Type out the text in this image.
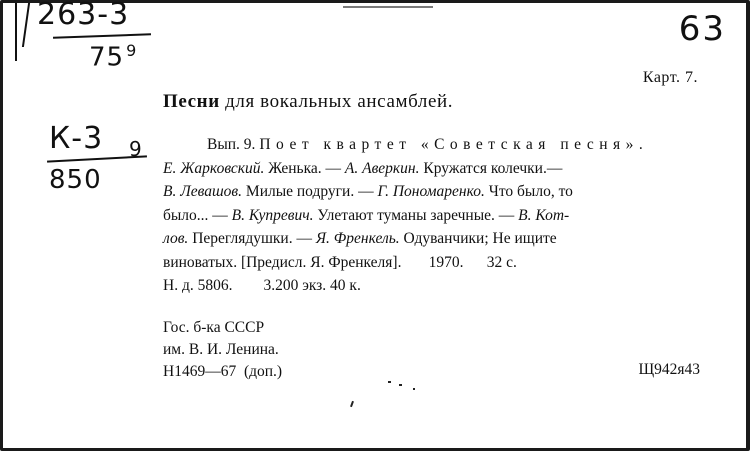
263-3
75 $^9$
63
К-3 9
850
Карт. 7.
Песни для вокальных ансамблей.
Вып. 9. Поет квартет «Советская песня».
Е. Жарковский. Женька. — А. Аверкин. Кружатся колечки.—
В. Левашов. Милые подруги. — Г. Пономаренко. Что было, то
было... — В. Купревич. Улетают туманы заречные. — В. Кот-
лов. Переглядушки. — Я. Френкель. Одуванчики; Не ищите
виноватых. [Предисл. Я. Френкеля].       1970.      32 с.
Н. д. 5806.        3.200 экз. 40 к.
Гос. б-ка СССР
им. В. И. Ленина.
Н1469—67  (доп.)	Щ942я43
